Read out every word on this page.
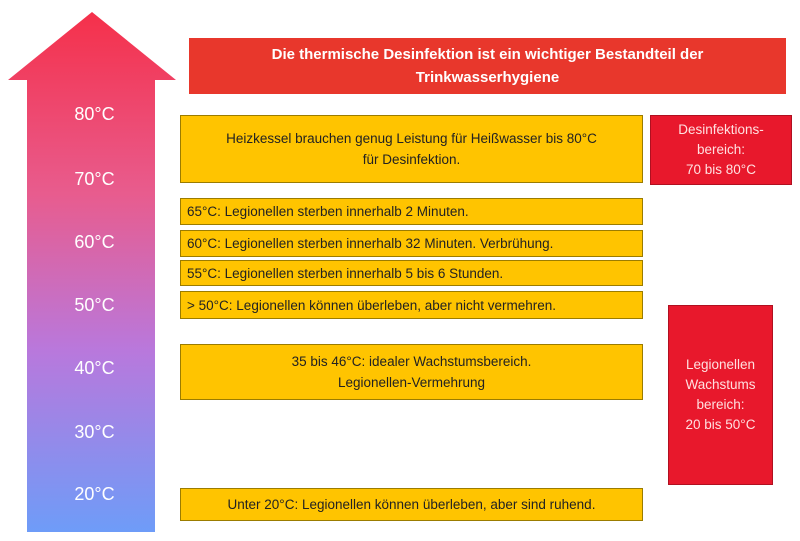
80°C
70°C
60°C
50°C
40°C
30°C
20°C
Die thermische Desinfektion ist ein wichtiger Bestandteil der
Trinkwasserhygiene
Heizkessel brauchen genug Leistung für Heißwasser bis 80°C
für Desinfektion.
65°C: Legionellen sterben innerhalb 2 Minuten.
60°C: Legionellen sterben innerhalb 32 Minuten. Verbrühung.
55°C: Legionellen sterben innerhalb 5 bis 6 Stunden.
> 50°C: Legionellen können überleben, aber nicht vermehren.
35 bis 46°C: idealer Wachstumsbereich.
Legionellen-Vermehrung
Unter 20°C: Legionellen können überleben, aber sind ruhend.
Desinfektions-
bereich:
70 bis 80°C
Legionellen
Wachstums
bereich:
20 bis 50°C
